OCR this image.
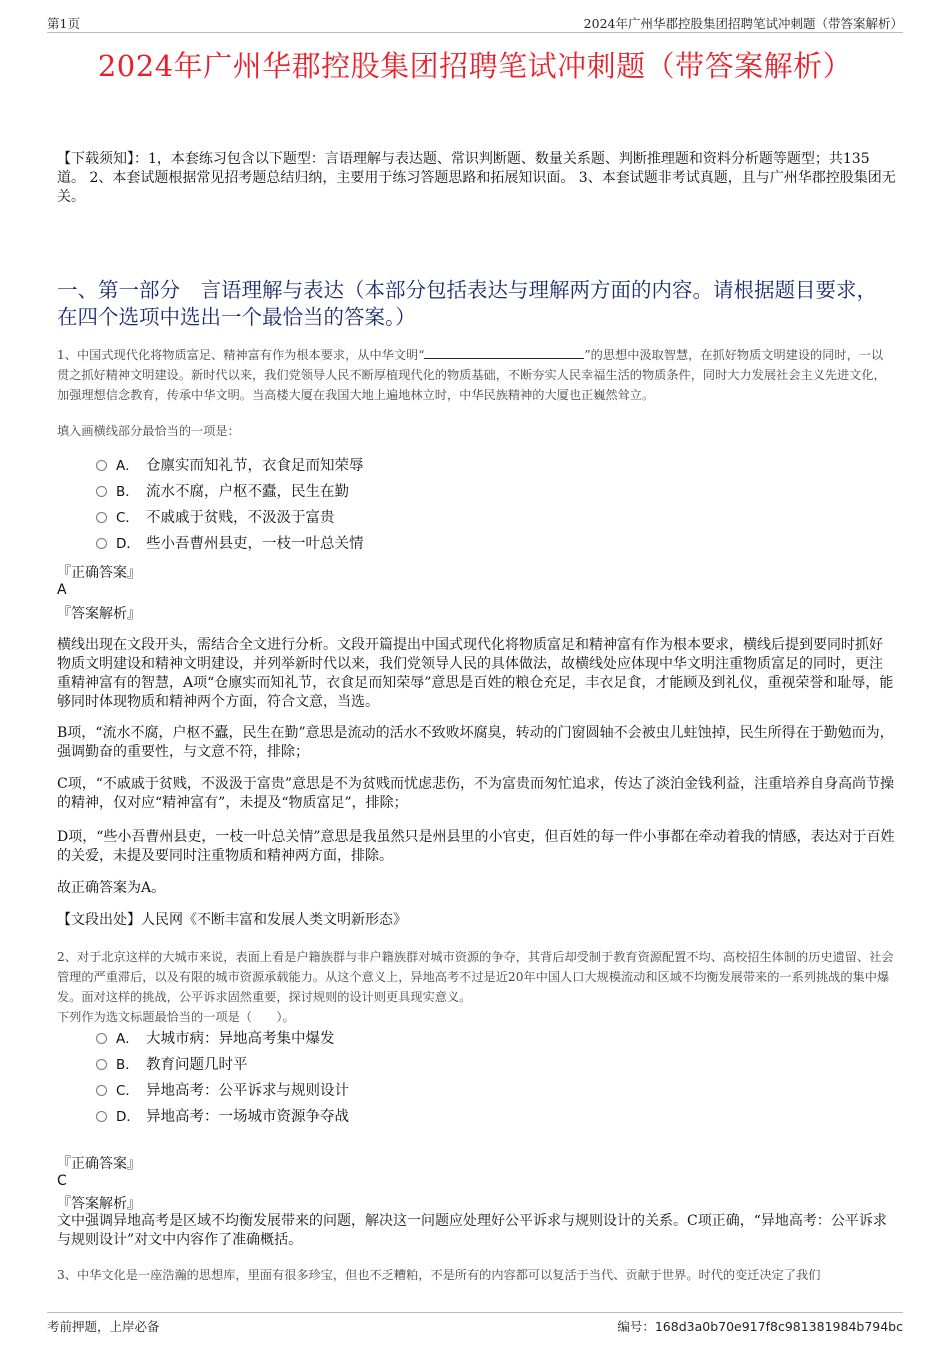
第1页	2024年广州华郡控股集团招聘笔试冲刺题（带答案解析）
2024年广州华郡控股集团招聘笔试冲刺题（带答案解析）
【下载须知】：1，本套练习包含以下题型：言语理解与表达题、常识判断题、数量关系题、判断推理题和资料分析题等题型；共135道。 2、本套试题根据常见招考题总结归纳，主要用于练习答题思路和拓展知识面。 3、本套试题非考试真题，且与广州华郡控股集团无关。
一、第一部分　言语理解与表达（本部分包括表达与理解两方面的内容。请根据题目要求，在四个选项中选出一个最恰当的答案。）
1、中国式现代化将物质富足、精神富有作为根本要求，从中华文明“	”的思想中汲取智慧，在抓好物质文明建设的同时，一以贯之抓好精神文明建设。新时代以来，我们党领导人民不断厚植现代化的物质基础，不断夯实人民幸福生活的物质条件，同时大力发展社会主义先进文化，加强理想信念教育，传承中华文明。当高楼大厦在我国大地上遍地林立时，中华民族精神的大厦也正巍然耸立。
填入画横线部分最恰当的一项是：
A． 仓廪实而知礼节，衣食足而知荣辱
B． 流水不腐，户枢不蠹，民生在勤
C． 不戚戚于贫贱，不汲汲于富贵
D． 些小吾曹州县吏，一枝一叶总关情
『正确答案』
A
『答案解析』
横线出现在文段开头，需结合全文进行分析。文段开篇提出中国式现代化将物质富足和精神富有作为根本要求，横线后提到要同时抓好物质文明建设和精神文明建设，并列举新时代以来，我们党领导人民的具体做法，故横线处应体现中华文明注重物质富足的同时，更注重精神富有的智慧，A项“仓廪实而知礼节，衣食足而知荣辱”意思是百姓的粮仓充足，丰衣足食，才能顾及到礼仪，重视荣誉和耻辱，能够同时体现物质和精神两个方面，符合文意，当选。
B项，“流水不腐，户枢不蠹，民生在勤”意思是流动的活水不致败坏腐臭，转动的门窗圆轴不会被虫儿蛀蚀掉，民生所得在于勤勉而为，强调勤奋的重要性，与文意不符，排除；
C项，“不戚戚于贫贱，不汲汲于富贵”意思是不为贫贱而忧虑悲伤，不为富贵而匆忙追求，传达了淡泊金钱利益，注重培养自身高尚节操的精神，仅对应“精神富有”，未提及“物质富足”，排除；
D项，“些小吾曹州县吏，一枝一叶总关情”意思是我虽然只是州县里的小官吏，但百姓的每一件小事都在牵动着我的情感，表达对于百姓的关爱，未提及要同时注重物质和精神两方面，排除。
故正确答案为A。
【文段出处】人民网《不断丰富和发展人类文明新形态》
2、对于北京这样的大城市来说，表面上看是户籍族群与非户籍族群对城市资源的争夺，其背后却受制于教育资源配置不均、高校招生体制的历史遗留、社会管理的严重滞后，以及有限的城市资源承载能力。从这个意义上，异地高考不过是近20年中国人口大规模流动和区域不均衡发展带来的一系列挑战的集中爆发。面对这样的挑战，公平诉求固然重要，探讨规则的设计则更具现实意义。
下列作为选文标题最恰当的一项是（　　）。
A． 大城市病：异地高考集中爆发
B． 教育问题几时平
C． 异地高考：公平诉求与规则设计
D． 异地高考：一场城市资源争夺战
『正确答案』
C
『答案解析』
文中强调异地高考是区域不均衡发展带来的问题，解决这一问题应处理好公平诉求与规则设计的关系。C项正确，“异地高考：公平诉求与规则设计”对文中内容作了准确概括。
3、中华文化是一座浩瀚的思想库，里面有很多珍宝，但也不乏糟粕，不是所有的内容都可以复活于当代、贡献于世界。时代的变迁决定了我们
考前押题，上岸必备	编号：168d3a0b70e917f8c981381984b794bc
